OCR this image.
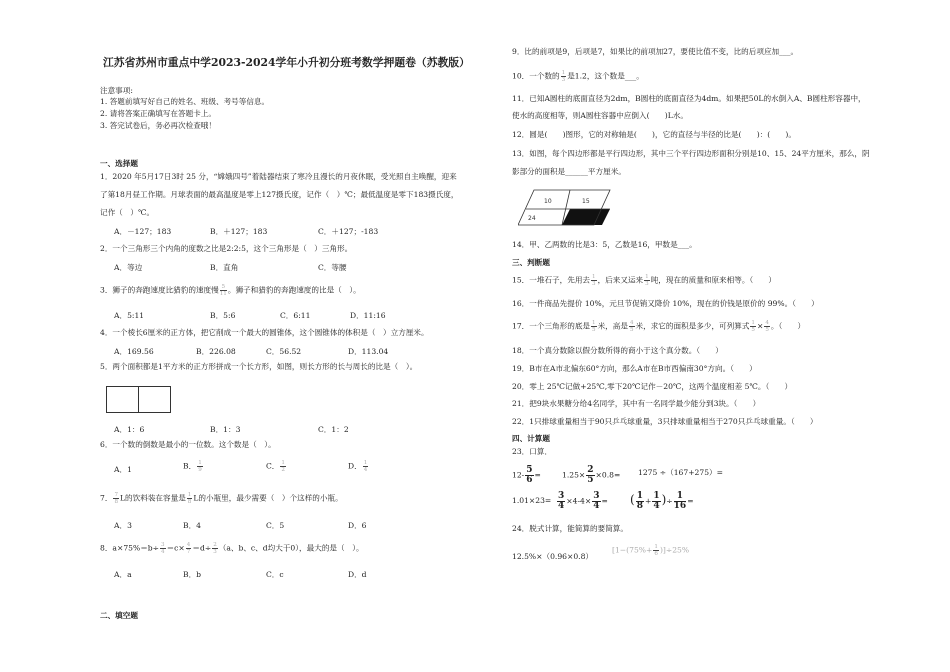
江苏省苏州市重点中学2023-2024学年小升初分班考数学押题卷（苏教版）
注意事项:
1. 答题前填写好自己的姓名、班级、考号等信息。
2. 请将答案正确填写在答题卡上。
3. 答完试卷后，务必再次检查哦！
一、选择题
1．2020 年5月17日3时 25 分，“嫦娥四号”着陆器结束了寒冷且漫长的月夜休眠，受光照自主唤醒，迎来
了第18月昼工作期。月球表面的最高温度是零上127摄氏度，记作（　）℃；最低温度是零下183摄氏度，
记作（　）℃。
A．－127；183	B．＋127；183	C．＋127；-183
2．一个三角形三个内角的度数之比是2:2:5，这个三角形是（　）三角形。
A．等边	B．直角	C．等腰
3．狮子的奔跑速度比猎豹的速度慢 $\frac{5}{11}$ 。狮子和猎豹的奔跑速度的比是（　）。
A．5:11	B．5:6	C．6:11	D．11:16
4．一个棱长6厘米的正方体，把它削成一个最大的圆锥体，这个圆锥体的体积是（　）立方厘米。
A．169.56	B．226.08	C．56.52	D．113.04
5．两个面积都是1平方米的正方形拼成一个长方形，如图，则长方形的长与周长的比是（　）。
A．1：6	B．1：3	C．1：2
6．一个数的倒数是最小的一位数。这个数是（　）。
A．1	B． $\frac{1}{9}$	C． $\frac{1}{2}$	D． $\frac{1}{4}$
7． $\frac{7}{8}$ L的饮料装在容量是 $\frac{1}{8}$ L的小瓶里，最少需要（　）个这样的小瓶。
A．3	B．4	C．5	D．6
8．$a\times 75\%=b\div \frac{3}{4} =c\times \frac{4}{7} =d\div \frac{2}{3} (a$、b、c、d均大于0），最大的是（　）。
A．a	B．b	C．c	D．d
二、填空题
9．比的前项是9，后项是7，如果比的前项加27，要使比值不变，比的后项应加___。
10．一个数的 $\frac{1}{3}$ 是1.2，这个数是___。
11．已知A圆柱的底面直径为2dm，B圆柱的底面直径为4dm。如果把50L的水倒入A、B圆柱形容器中，
使水的高度相等，则A圆柱容器中应倒入(　　)L水。
12．圆是(　　)图形，它的对称轴是(　　)，它的直径与半径的比是(　　)：(　　)。
13．如图，每个四边形都是平行四边形，其中三个平行四边形面积分别是10、15、24平方厘米，那么，阴
影部分的面积是______平方厘米。
10	15
24
14．甲、乙两数的比是3：5，乙数是16，甲数是___。
三、判断题
15．一堆石子，先用去 $\frac{1}{3}$ ，后来又运来 $\frac{1}{3}$ 吨，现在的质量和原来相等。（　　）
16．一件商品先提价 10%，元旦节促销又降价 10%，现在的价钱是原价的 99%。（　　）
17．一个三角形的底是 $\frac{1}{5}$ 米，高是 $\frac{4}{5}$ 米，求它的面积是多少，可列算式 $\frac{1}{5} \times \frac{4}{5}$ 。（　　）
18．一个真分数除以假分数所得的商小于这个真分数。（　　）
19．B市在A市北偏东60°方向，那么A市在B市西偏南30°方向。（　　）
20．零上 25℃记做+25℃,零下20℃记作－20℃，这两个温度相差 5℃。（　　）
21．把9块水果糖分给4名同学，其中有一名同学最少能分到3块。（　　）
22．1只排球重量相当于90只乒乓球重量，3只排球重量相当于270只乒乓球重量。（　　）
四、计算题
23．口算．
$12- \frac{5}{6}$ =	$1.25\times \frac{2}{5} \times 0.8= 1275 \div(167+275)=$
$1.01\times 23= \frac{3}{4} \times 4-4\times \frac{3}{4}$ = ( $\frac{1}{8} + \frac{1}{4}$ )÷ $\frac{1}{16}$ =
24．脱式计算，能简算的要简算。
12.5%×（0.96×0.8）
$[1-(75\%+ \frac{1}{6} )]\div 25\%$
